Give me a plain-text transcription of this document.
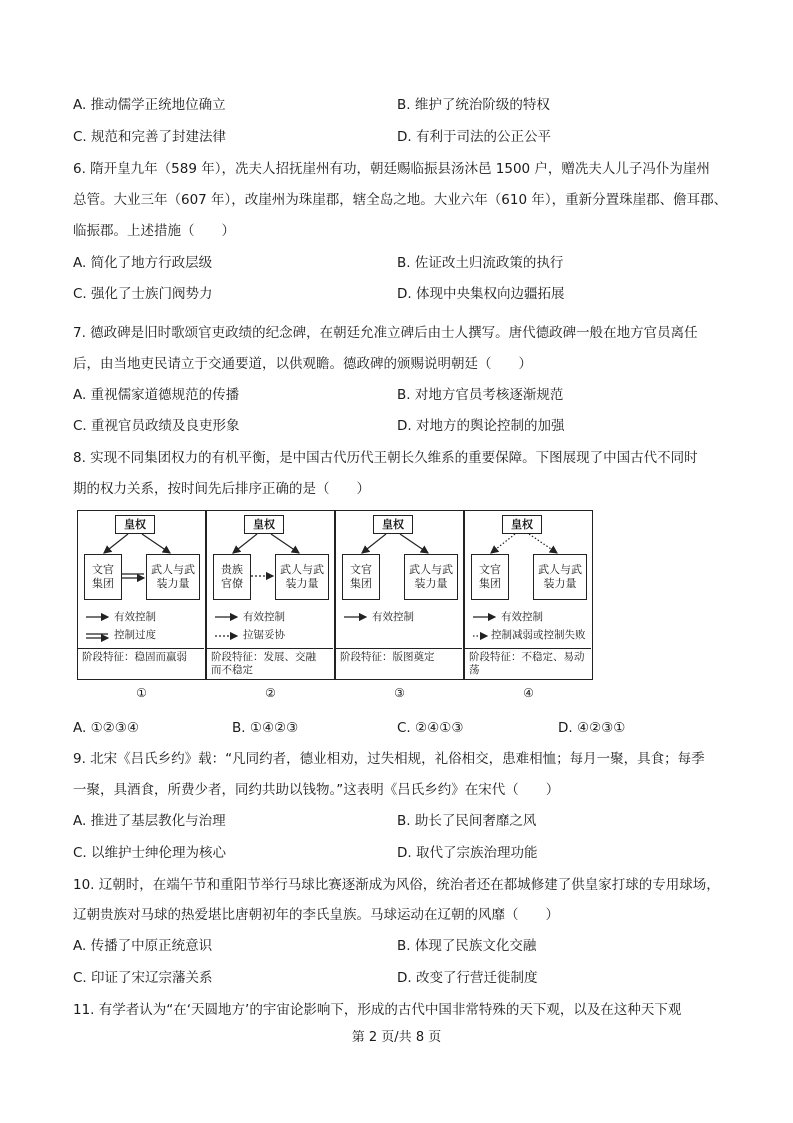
A. 推动儒学正统地位确立	B. 维护了统治阶级的特权
C. 规范和完善了封建法律	D. 有利于司法的公正公平
6. 隋开皇九年（589 年），冼夫人招抚崖州有功，朝廷赐临振县汤沐邑 1500 户，赠冼夫人儿子冯仆为崖州
总管。大业三年（607 年），改崖州为珠崖郡，辖全岛之地。大业六年（610 年），重新分置珠崖郡、儋耳郡、
临振郡。上述措施（　　）
A. 简化了地方行政层级	B. 佐证改土归流政策的执行
C. 强化了士族门阀势力	D. 体现中央集权向边疆拓展
7. 德政碑是旧时歌颂官吏政绩的纪念碑，在朝廷允准立碑后由士人撰写。唐代德政碑一般在地方官员离任
后，由当地吏民请立于交通要道，以供观瞻。德政碑的颁赐说明朝廷（　　）
A. 重视儒家道德规范的传播	B. 对地方官员考核逐渐规范
C. 重视官员政绩及良吏形象	D. 对地方的舆论控制的加强
8. 实现不同集团权力的有机平衡，是中国古代历代王朝长久维系的重要保障。下图展现了中国古代不同时
期的权力关系，按时间先后排序正确的是（　　）
皇权
文官
集团
武人与武
装力量
有效控制
控制过度
阶段特征：稳固而羸弱
①
皇权
贵族
官僚
武人与武
装力量
有效控制
拉锯妥协
阶段特征：发展、交融
而不稳定
②
皇权
文官
集团
武人与武
装力量
有效控制
阶段特征：版图奠定
③
皇权
文官
集团
武人与武
装力量
有效控制
控制减弱或控制失败
阶段特征：不稳定、易动荡
④
A. ①②③④	B. ①④②③	C. ②④①③	D. ④②③①
9. 北宋《吕氏乡约》载：“凡同约者，德业相劝，过失相规，礼俗相交，患难相恤；每月一聚，具食；每季
一聚，具酒食，所费少者，同约共助以钱物。”这表明《吕氏乡约》在宋代（　　）
A. 推进了基层教化与治理	B. 助长了民间奢靡之风
C. 以维护士绅伦理为核心	D. 取代了宗族治理功能
10. 辽朝时，在端午节和重阳节举行马球比赛逐渐成为风俗，统治者还在都城修建了供皇家打球的专用球场，
辽朝贵族对马球的热爱堪比唐朝初年的李氏皇族。马球运动在辽朝的风靡（　　）
A. 传播了中原正统意识	B. 体现了民族文化交融
C. 印证了宋辽宗藩关系	D. 改变了行营迁徙制度
11. 有学者认为“在‘天圆地方’的宇宙论影响下，形成的古代中国非常特殊的天下观，以及在这种天下观
第 2 页/共 8 页
